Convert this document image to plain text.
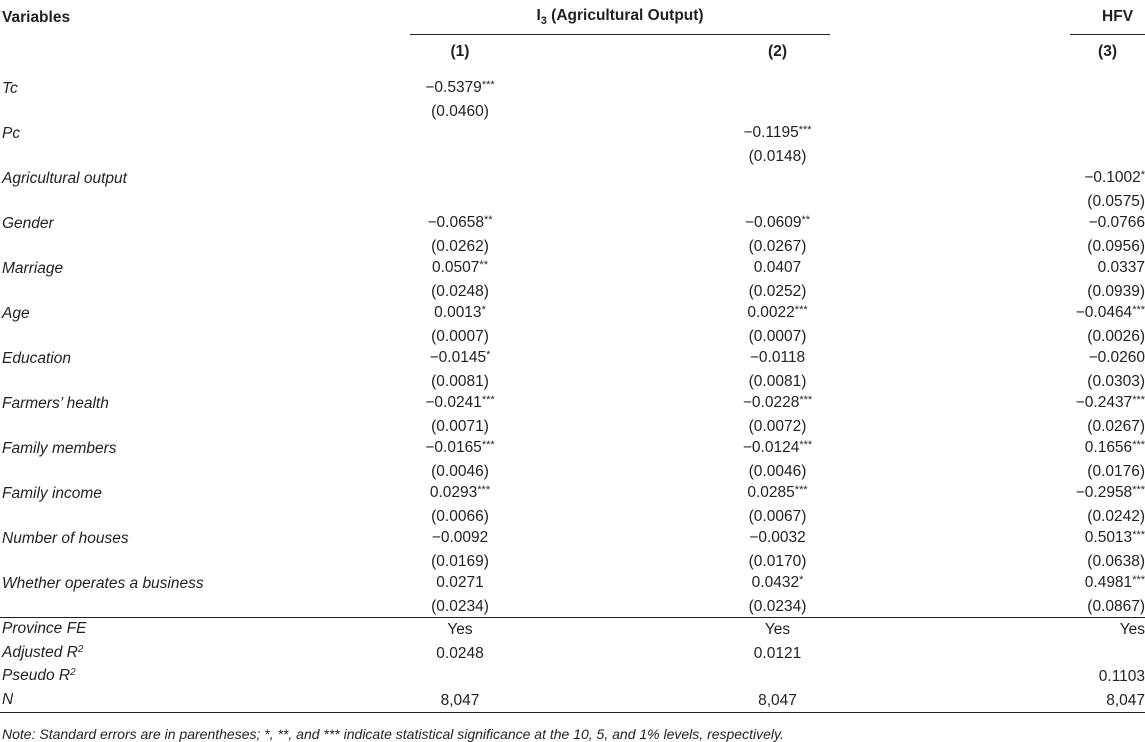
Variables	$I_3$ (Agricultural Output)				HFV
	(1)		(2)		(3)
Tc	−0.5379***				
	(0.0460)				
Pc			−0.1195***		
			(0.0148)		
Agricultural output					−0.1002*
					(0.0575)
Gender	−0.0658**		−0.0609**		−0.0766
	(0.0262)		(0.0267)		(0.0956)
Marriage	0.0507**		0.0407		0.0337
	(0.0248)		(0.0252)		(0.0939)
Age	0.0013*		0.0022***		−0.0464***
	(0.0007)		(0.0007)		(0.0026)
Education	−0.0145*		−0.0118		−0.0260
	(0.0081)		(0.0081)		(0.0303)
Farmers’ health	−0.0241***		−0.0228***		−0.2437***
	(0.0071)		(0.0072)		(0.0267)
Family members	−0.0165***		−0.0124***		0.1656***
	(0.0046)		(0.0046)		(0.0176)
Family income	0.0293***		0.0285***		−0.2958***
	(0.0066)		(0.0067)		(0.0242)
Number of houses	−0.0092		−0.0032		0.5013***
	(0.0169)		(0.0170)		(0.0638)
Whether operates a business	0.0271		0.0432*		0.4981***
	(0.0234)		(0.0234)		(0.0867)

Province FE	Yes		Yes		Yes
Adjusted $R^2$	0.0248		0.0121		
Pseudo $R^2$					0.1103
N	8,047		8,047		8,047

Note: Standard errors are in parentheses; *, **, and *** indicate statistical significance at the 10, 5, and 1% levels, respectively.
